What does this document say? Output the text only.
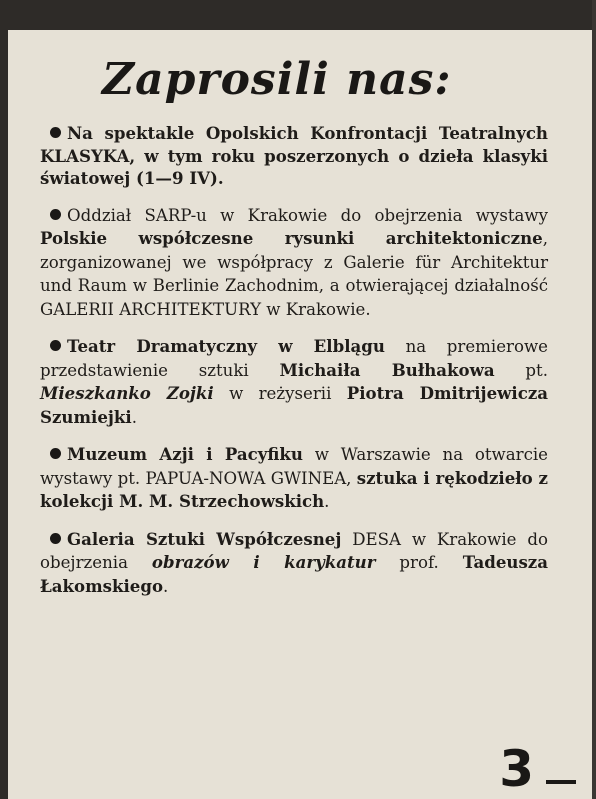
Zaprosili nas:

Na spektakle Opolskich Konfrontacji Teatralnych KLASYKA, w tym roku poszerzonych o dzieła klasyki światowej (1—9 IV).

Oddział SARP-u w Krakowie do obejrzenia wystawy Polskie współczesne rysunki architektoniczne, zorganizowanej we współpracy z Galerie für Architektur und Raum w Berlinie Zachodnim, a otwierającej działalność GALERII ARCHITEKTURY w Krakowie.

Teatr Dramatyczny w Elblągu na premierowe przedstawienie sztuki Michaiła Bułhakowa pt. Mieszkanko Zojki w reżyserii Piotra Dmitrijewicza Szumiejki.

Muzeum Azji i Pacyfiku w Warszawie na otwarcie wystawy pt. PAPUA-NOWA GWINEA, sztuka i rękodzieło z kolekcji M. M. Strzechowskich.

Galeria Sztuki Współczesnej DESA w Krakowie do obejrzenia obrazów i karykatur prof. Tadeusza Łakomskiego.

3
